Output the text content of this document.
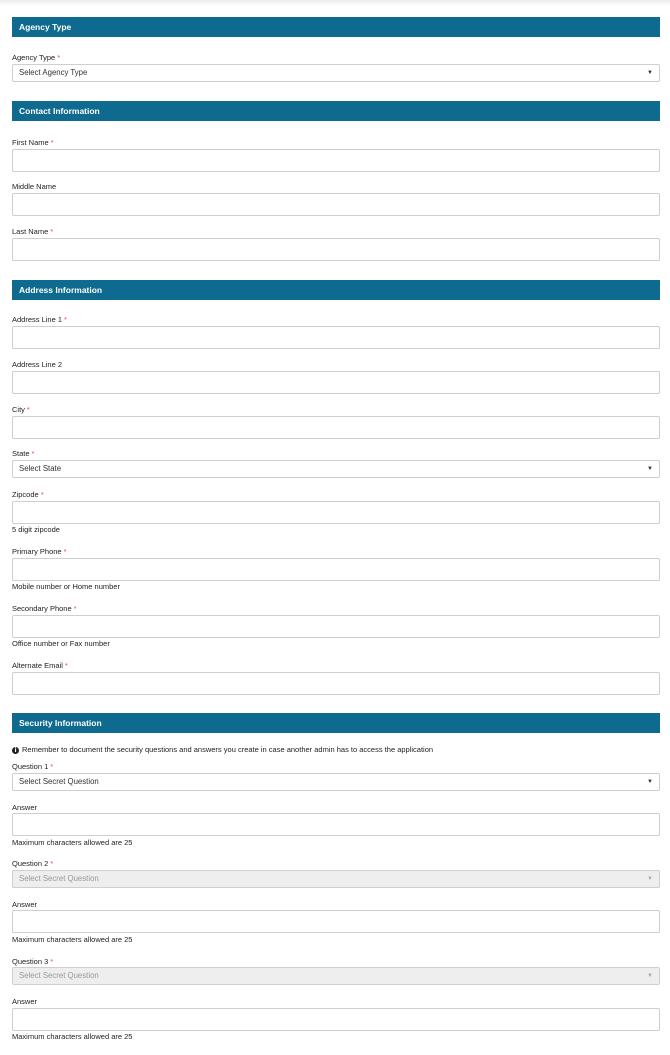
Agency Type
Agency Type *
Select Agency Type	▼
Contact Information
First Name *
Middle Name
Last Name *
Address Information
Address Line 1 *
Address Line 2
City *
State *
Select State	▼
Zipcode *
5 digit zipcode
Primary Phone *
Mobile number or Home number
Secondary Phone *
Office number or Fax number
Alternate Email *
Security Information
i Remember to document the security questions and answers you create in case another admin has to access the application
Question 1 *
Select Secret Question	▼
Answer
Maximum characters allowed are 25
Question 2 *
Select Secret Question	▼
Answer
Maximum characters allowed are 25
Question 3 *
Select Secret Question	▼
Answer
Maximum characters allowed are 25
